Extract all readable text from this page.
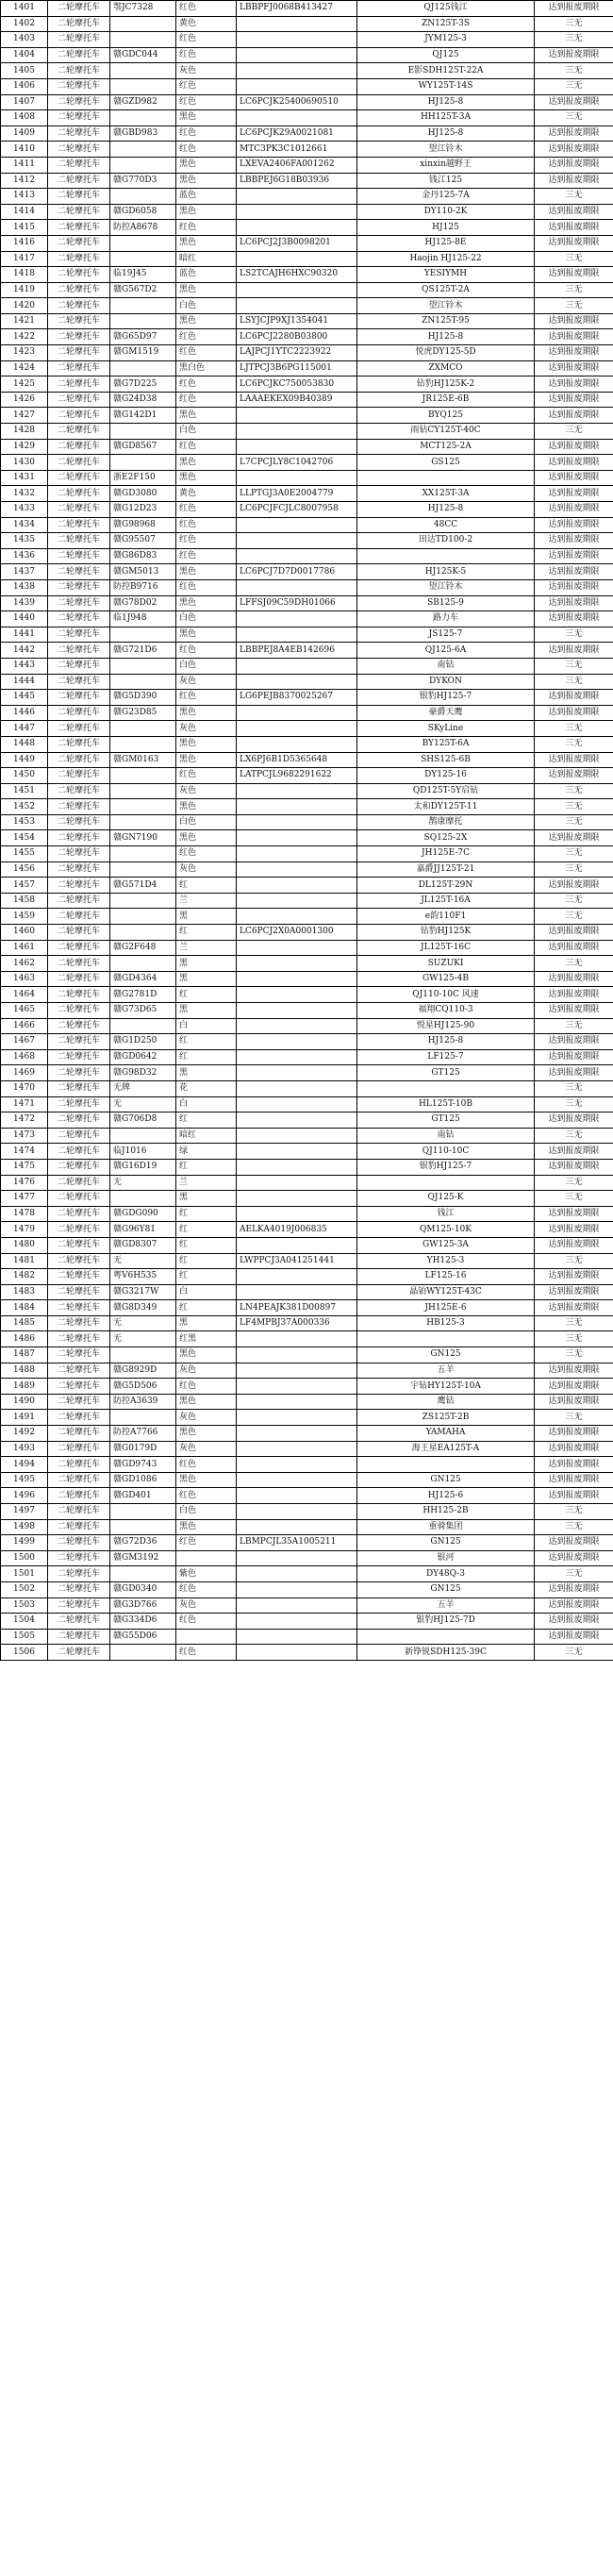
1401	二轮摩托车	鄂JC7328	红色	LBBPFJ0068B413427	QJ125钱江	达到报废期限
1402	二轮摩托车		黄色		ZN125T-3S	三无
1403	二轮摩托车		红色		JYM125-3	三无
1404	二轮摩托车	赣GDC044	红色		QJ125	达到报废期限
1405	二轮摩托车		灰色		E影SDH125T-22A	三无
1406	二轮摩托车		红色		WY125T-14S	三无
1407	二轮摩托车	赣GZD982	红色	LC6PCJK25400690510	HJ125-8	达到报废期限
1408	二轮摩托车		黑色		HH125T-3A	三无
1409	二轮摩托车	赣GBD983	红色	LC6PCJK29A0021081	HJ125-8	达到报废期限
1410	二轮摩托车		红色	MTC3PK3C1012661	望江铃木	达到报废期限
1411	二轮摩托车		黑色	LXEVA2406FA001262	xinxin越野王	达到报废期限
1412	二轮摩托车	赣G770D3	黑色	LBBPEJ6G18B03936	钱江125	达到报废期限
1413	二轮摩托车		蓝色		金丹125-7A	三无
1414	二轮摩托车	赣GD6058	黑色		DY110-2K	达到报废期限
1415	二轮摩托车	防控A8678	红色		HJ125	达到报废期限
1416	二轮摩托车		黑色	LC6PCJ2J3B0098201	HJ125-8E	达到报废期限
1417	二轮摩托车		暗红		Haojin HJ125-22	三无
1418	二轮摩托车	临19J45	蓝色	LS2TCAJH6HXC90320	YESIYMH	达到报废期限
1419	二轮摩托车	赣G567D2	黑色		QS125T-2A	三无
1420	二轮摩托车		白色		望江铃木	三无
1421	二轮摩托车		黑色	LSYJCJP9XJ1354041	ZN125T-95	达到报废期限
1422	二轮摩托车	赣G65D97	红色	LC6PCJ2280B03800	HJ125-8	达到报废期限
1423	二轮摩托车	赣GM1519	红色	LAJPCJ1YTC2223922	悦虎DY125-5D	达到报废期限
1424	二轮摩托车		黑白色	LJTPCJ3B6PG115001	ZXMCO	达到报废期限
1425	二轮摩托车	赣G7D225	红色	LC6PCJKC750053830	钻豹HJ125K-2	达到报废期限
1426	二轮摩托车	赣G24D38	红色	LAAAEKEX09B40389	JR125E-6B	达到报废期限
1427	二轮摩托车	赣G142D1	黑色		BYQ125	达到报废期限
1428	二轮摩托车		白色		雨钻CY125T-40C	三无
1429	二轮摩托车	赣GD8567	红色		MCT125-2A	达到报废期限
1430	二轮摩托车		黑色	L7CPCJLY8C1042706	GS125	达到报废期限
1431	二轮摩托车	浙E2F150	黑色			达到报废期限
1432	二轮摩托车	赣GD3080	黄色	LLPTGJ3A0E2004779	XX125T-3A	达到报废期限
1433	二轮摩托车	赣G12D23	红色	LC6PCJFCJLC8007958	HJ125-8	达到报废期限
1434	二轮摩托车	赣G98968	红色		48CC	达到报废期限
1435	二轮摩托车	赣G95507	红色		田达TD100-2	达到报废期限
1436	二轮摩托车	赣G86D83	红色			达到报废期限
1437	二轮摩托车	赣GM5013	黑色	LC6PCJ7D7D0017786	HJ125K-5	达到报废期限
1438	二轮摩托车	防控B9716	红色		望江铃木	达到报废期限
1439	二轮摩托车	赣G78D02	黑色	LFFSJ09C59DH01066	SB125-9	达到报废期限
1440	二轮摩托车	临1J948	白色		路力车	达到报废期限
1441	二轮摩托车		黑色		JS125-7	三无
1442	二轮摩托车	赣G721D6	红色	LBBPEJ8A4EB142696	QJ125-6A	达到报废期限
1443	二轮摩托车		白色		南钻	三无
1444	二轮摩托车		灰色		DYKON	三无
1445	二轮摩托车	赣G5D390	红色	LG6PEJB8370025267	银豹HJ125-7	达到报废期限
1446	二轮摩托车	赣G23D85	黑色		豪爵天鹰	达到报废期限
1447	二轮摩托车		灰色		SKyLine	三无
1448	二轮摩托车		黑色		BY125T-6A	三无
1449	二轮摩托车	赣GM0163	黑色	LX6PJ6B1D5365648	SHS125-6B	达到报废期限
1450	二轮摩托车		红色	LATPCJL9682291622	DY125-16	达到报废期限
1451	二轮摩托车		灰色		QD125T-5Y启钻	三无
1452	二轮摩托车		黑色		太和DY125T-11	三无
1453	二轮摩托车		白色		鹊康摩托	三无
1454	二轮摩托车	赣GN7190	黑色		SQ125-2X	达到报废期限
1455	二轮摩托车		红色		JH125E-7C	三无
1456	二轮摩托车		灰色		嘉爵JJ125T-21	三无
1457	二轮摩托车	赣G571D4	红		DL125T-29N	达到报废期限
1458	二轮摩托车		兰		JL125T-16A	三无
1459	二轮摩托车		黑		e韵110F1	三无
1460	二轮摩托车		红	LC6PCJ2X0A0001300	钻豹HJ125K	达到报废期限
1461	二轮摩托车	赣G2F648	兰		JL125T-16C	达到报废期限
1462	二轮摩托车		黑		SUZUKI	三无
1463	二轮摩托车	赣GD4364	黑		GW125-4B	达到报废期限
1464	二轮摩托车	赣G2781D	红		QJ110-10C 风速	达到报废期限
1465	二轮摩托车	赣G73D65	黑		福翔CQ110-3	达到报废期限
1466	二轮摩托车		白		悦星HJ125-90	三无
1467	二轮摩托车	赣G1D250	红		HJ125-8	达到报废期限
1468	二轮摩托车	赣GD0642	红		LF125-7	达到报废期限
1469	二轮摩托车	赣G98D32	黑		GT125	达到报废期限
1470	二轮摩托车	无牌	花			三无
1471	二轮摩托车	无	白		HL125T-10B	三无
1472	二轮摩托车	赣G706D8	红		GT125	达到报废期限
1473	二轮摩托车		暗红		南钻	三无
1474	二轮摩托车	临J1016	绿		QJ110-10C	达到报废期限
1475	二轮摩托车	赣G16D19	红		银豹HJ125-7	达到报废期限
1476	二轮摩托车	无	兰			三无
1477	二轮摩托车		黑		QJ125-K	三无
1478	二轮摩托车	赣GDG090	红		钱江	达到报废期限
1479	二轮摩托车	赣G96Y81	红	AELKA4019J006835	QM125-10K	达到报废期限
1480	二轮摩托车	赣GD8307	红		GW125-3A	达到报废期限
1481	二轮摩托车	无	红	LWPPCJ3A041251441	YH125-3	三无
1482	二轮摩托车	粤V6H535	红		LF125-16	达到报废期限
1483	二轮摩托车	赣G3217W	白		晶铂WY125T-43C	达到报废期限
1484	二轮摩托车	赣G8D349	红	LN4PEAJK381D00897	JH125E-6	达到报废期限
1485	二轮摩托车	无	黑	LF4MPBJ37A000336	HB125-3	三无
1486	二轮摩托车	无	红黑			三无
1487	二轮摩托车		黑色		GN125	三无
1488	二轮摩托车	赣G8929D	灰色		五羊	达到报废期限
1489	二轮摩托车	赣G5D506	红色		宇钻HY125T-10A	达到报废期限
1490	二轮摩托车	防控A3639	黑色		鹰钻	达到报废期限
1491	二轮摩托车		灰色		ZS125T-2B	三无
1492	二轮摩托车	防控A7766	黑色		YAMAHA	达到报废期限
1493	二轮摩托车	赣G0179D	灰色		海王星EA125T-A	达到报废期限
1494	二轮摩托车	赣GD9743	红色			达到报废期限
1495	二轮摩托车	赣GD1086	黑色		GN125	达到报废期限
1496	二轮摩托车	赣GD401	红色		HJ125-6	达到报废期限
1497	二轮摩托车		白色		HH125-2B	三无
1498	二轮摩托车		黑色		重骑集团	三无
1499	二轮摩托车	赣G72D36	红色	LBMPCJL35A1005211	GN125	达到报废期限
1500	二轮摩托车	赣GM3192			银河	达到报废期限
1501	二轮摩托车		紫色		DY48Q-3	三无
1502	二轮摩托车	赣GD0340	红色		GN125	达到报废期限
1503	二轮摩托车	赣G3D766	灰色		五羊	达到报废期限
1504	二轮摩托车	赣G334D6	红色		银豹HJ125-7D	达到报废期限
1505	二轮摩托车	赣G55D06				达到报废期限
1506	二轮摩托车		红色		新铮锐SDH125-39C	三无
